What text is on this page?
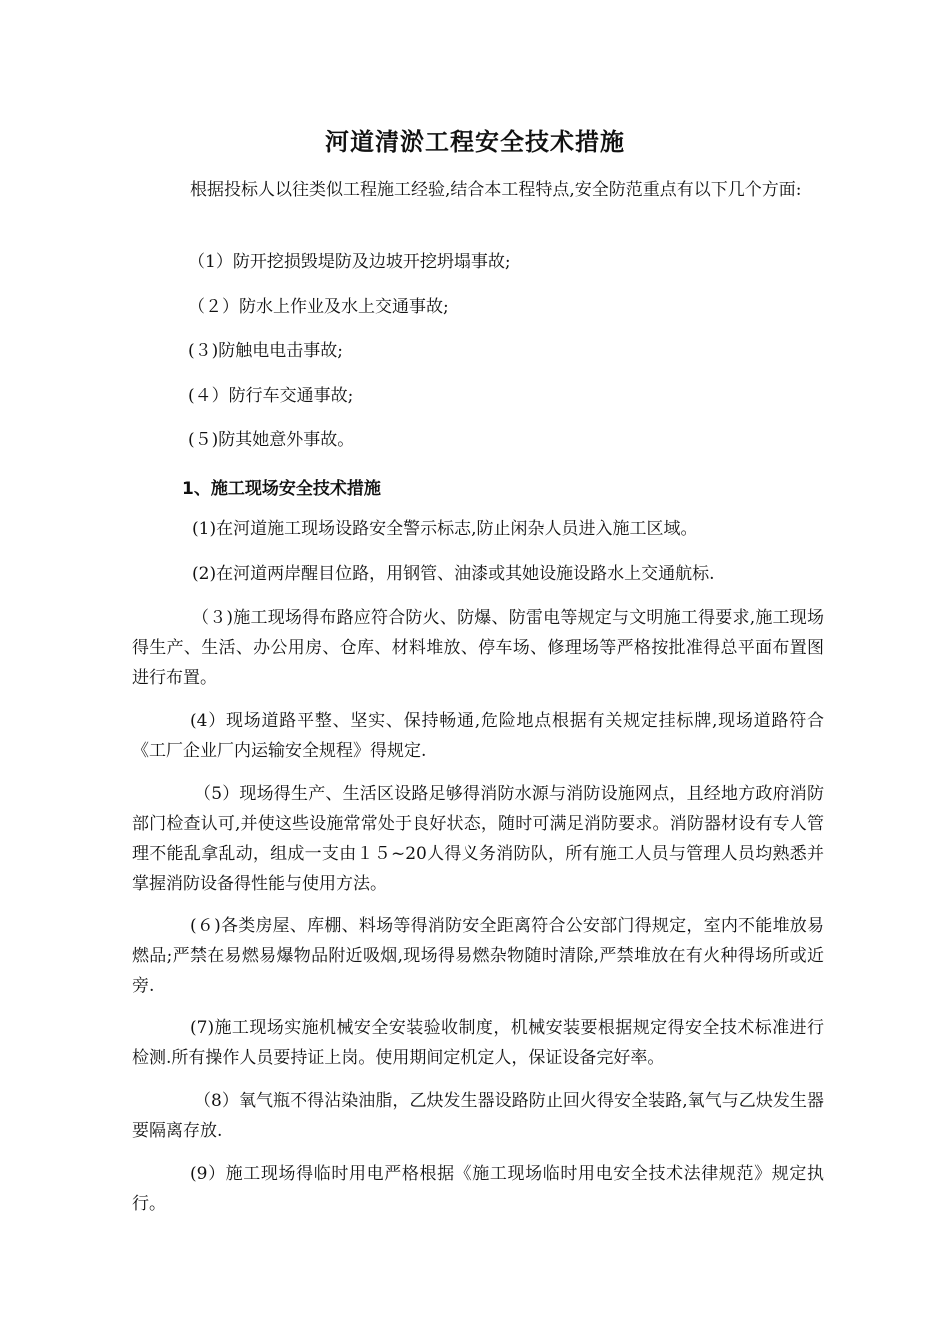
河道清淤工程安全技术措施

根据投标人以往类似工程施工经验,结合本工程特点,安全防范重点有以下几个方面:

（1）防开挖损毁堤防及边坡开挖坍塌事故;

（２）防水上作业及水上交通事故;

(３)防触电电击事故;

(４）防行车交通事故;

(５)防其她意外事故。

1、施工现场安全技术措施

(1)在河道施工现场设路安全警示标志,防止闲杂人员进入施工区域。

(2)在河道两岸醒目位路，用钢管、油漆或其她设施设路水上交通航标.

（３)施工现场得布路应符合防火、防爆、防雷电等规定与文明施工得要求,施工现场得生产、生活、办公用房、仓库、材料堆放、停车场、修理场等严格按批准得总平面布置图进行布置。

(4）现场道路平整、坚实、保持畅通,危险地点根据有关规定挂标牌,现场道路符合《工厂企业厂内运输安全规程》得规定.

（5）现场得生产、生活区设路足够得消防水源与消防设施网点，且经地方政府消防部门检查认可,并使这些设施常常处于良好状态，随时可满足消防要求。消防器材设有专人管理不能乱拿乱动，组成一支由１５~20人得义务消防队，所有施工人员与管理人员均熟悉并掌握消防设备得性能与使用方法。

(６)各类房屋、库棚、料场等得消防安全距离符合公安部门得规定，室内不能堆放易燃品;严禁在易燃易爆物品附近吸烟,现场得易燃杂物随时清除,严禁堆放在有火种得场所或近旁.

(7)施工现场实施机械安全安装验收制度，机械安装要根据规定得安全技术标准进行检测.所有操作人员要持证上岗。使用期间定机定人，保证设备完好率。

（8）氧气瓶不得沾染油脂，乙炔发生器设路防止回火得安全装路,氧气与乙炔发生器要隔离存放.

(9）施工现场得临时用电严格根据《施工现场临时用电安全技术法律规范》规定执行。
